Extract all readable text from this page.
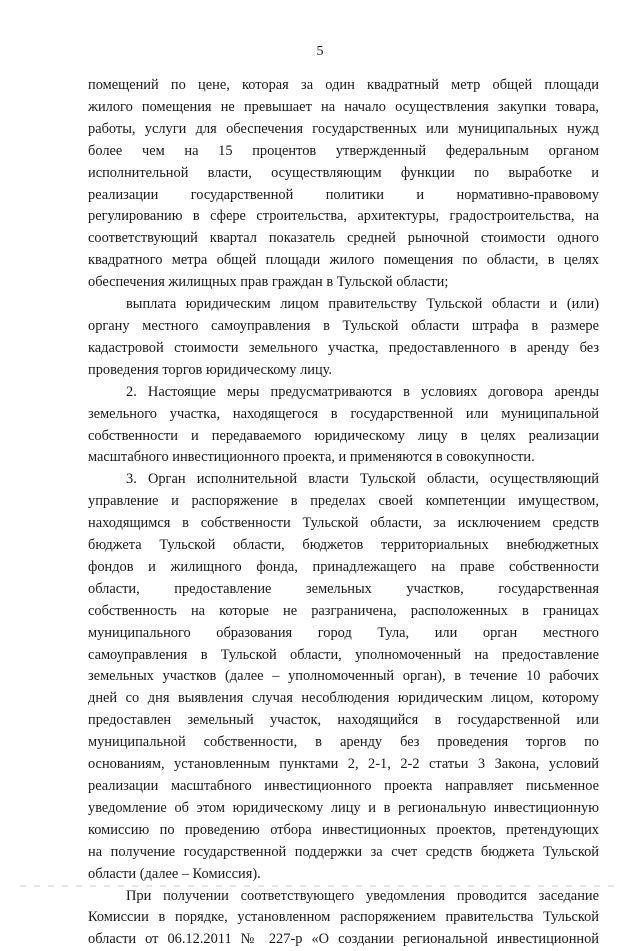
5
помещений по цене, которая за один квадратный метр общей площади
жилого помещения не превышает на начало осуществления закупки товара,
работы, услуги для обеспечения государственных или муниципальных нужд
более чем на 15 процентов утвержденный федеральным органом
исполнительной власти, осуществляющим функции по выработке и
реализации государственной политики и нормативно-правовому
регулированию в сфере строительства, архитектуры, градостроительства, на
соответствующий квартал показатель средней рыночной стоимости одного
квадратного метра общей площади жилого помещения по области, в целях
обеспечения жилищных прав граждан в Тульской области;
выплата юридическим лицом правительству Тульской области и (или)
органу местного самоуправления в Тульской области штрафа в размере
кадастровой стоимости земельного участка, предоставленного в аренду без
проведения торгов юридическому лицу.
2. Настоящие меры предусматриваются в условиях договора аренды
земельного участка, находящегося в государственной или муниципальной
собственности и передаваемого юридическому лицу в целях реализации
масштабного инвестиционного проекта, и применяются в совокупности.
3. Орган исполнительной власти Тульской области, осуществляющий
управление и распоряжение в пределах своей компетенции имуществом,
находящимся в собственности Тульской области, за исключением средств
бюджета Тульской области, бюджетов территориальных внебюджетных
фондов и жилищного фонда, принадлежащего на праве собственности
области, предоставление земельных участков, государственная
собственность на которые не разграничена, расположенных в границах
муниципального образования город Тула, или орган местного
самоуправления в Тульской области, уполномоченный на предоставление
земельных участков (далее – уполномоченный орган), в течение 10 рабочих
дней со дня выявления случая несоблюдения юридическим лицом, которому
предоставлен земельный участок, находящийся в государственной или
муниципальной собственности, в аренду без проведения торгов по
основаниям, установленным пунктами 2, 2-1, 2-2 статьи 3 Закона, условий
реализации масштабного инвестиционного проекта направляет письменное
уведомление об этом юридическому лицу и в региональную инвестиционную
комиссию по проведению отбора инвестиционных проектов, претендующих
на получение государственной поддержки за счет средств бюджета Тульской
области (далее – Комиссия).
При получении соответствующего уведомления проводится заседание
Комиссии в порядке, установленном распоряжением правительства Тульской
области от 06.12.2011 № 227-р «О создании региональной инвестиционной
